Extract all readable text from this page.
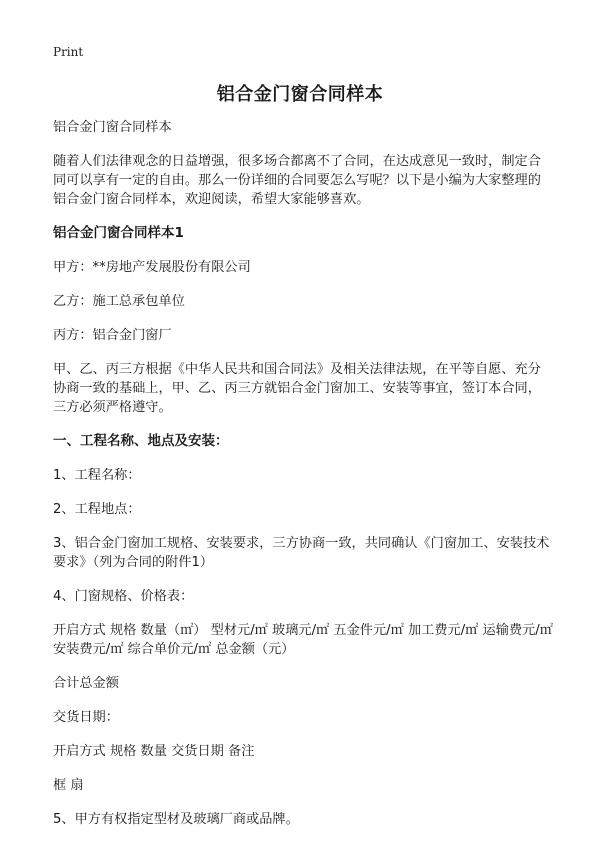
Print
铝合金门窗合同样本

铝合金门窗合同样本

随着人们法律观念的日益增强，很多场合都离不了合同，在达成意见一致时，制定合同可以享有一定的自由。那么一份详细的合同要怎么写呢？以下是小编为大家整理的铝合金门窗合同样本，欢迎阅读，希望大家能够喜欢。

铝合金门窗合同样本1

甲方：**房地产发展股份有限公司

乙方：施工总承包单位

丙方：铝合金门窗厂

甲、乙、丙三方根据《中华人民共和国合同法》及相关法律法规，在平等自愿、充分协商一致的基础上，甲、乙、丙三方就铝合金门窗加工、安装等事宜，签订本合同，三方必须严格遵守。

一、工程名称、地点及安装：

1、工程名称：

2、工程地点：

3、铝合金门窗加工规格、安装要求，三方协商一致，共同确认《门窗加工、安装技术要求》（列为合同的附件1）

4、门窗规格、价格表：

开启方式 规格 数量（㎡） 型材元/㎡ 玻璃元/㎡ 五金件元/㎡ 加工费元/㎡ 运输费元/㎡ 安装费元/㎡ 综合单价元/㎡ 总金额（元）

合计总金额

交货日期：

开启方式 规格 数量 交货日期 备注

框 扇

5、甲方有权指定型材及玻璃厂商或品牌。
